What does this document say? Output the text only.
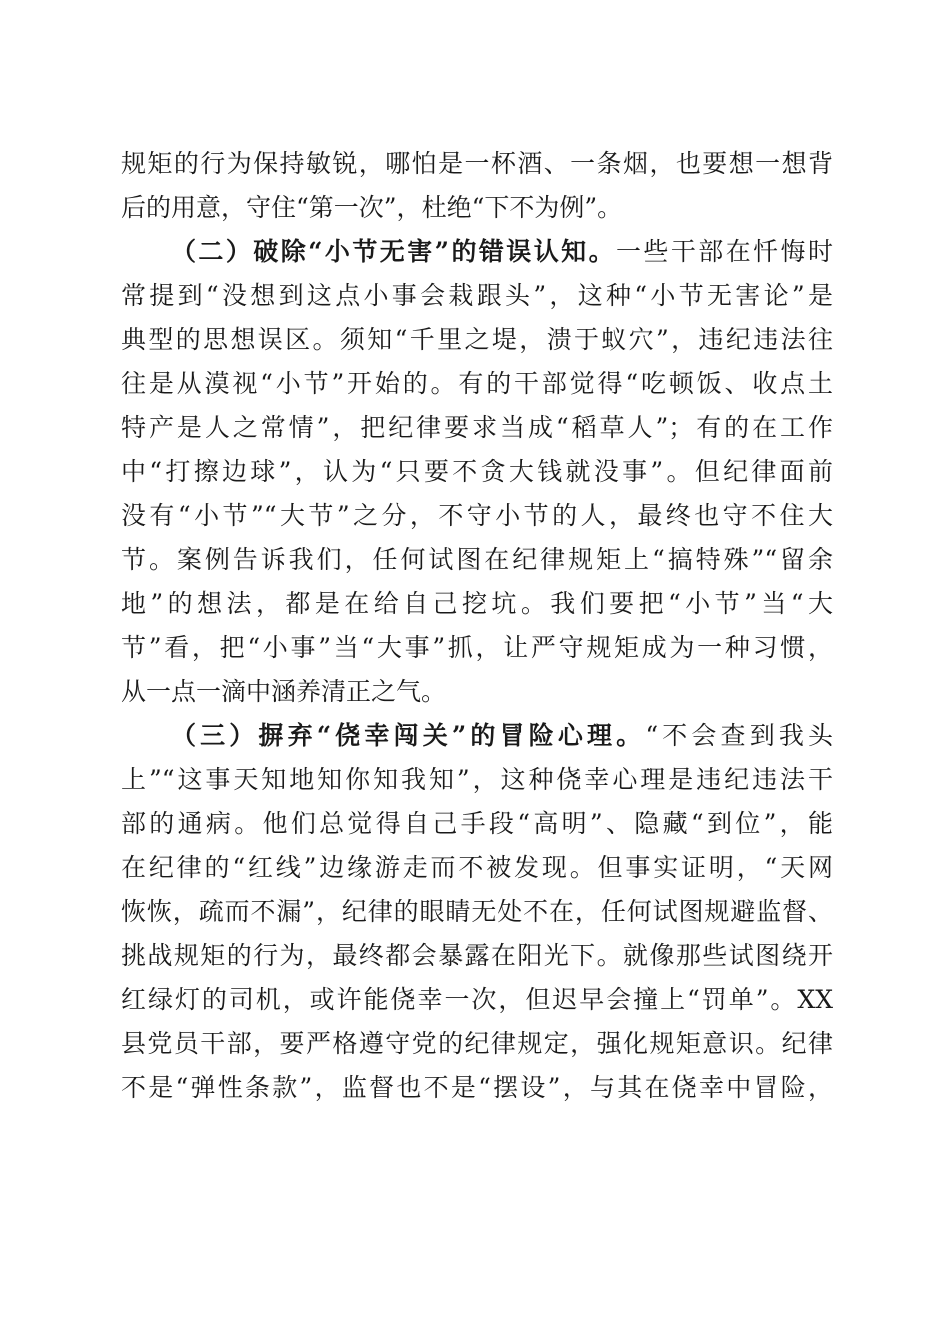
规矩的行为保持敏锐，哪怕是一杯酒、一条烟，也要想一想背
后的用意，守住“第一次”，杜绝“下不为例”。
（二）破除“小节无害”的错误认知。一些干部在忏悔时
常提到“没想到这点小事会栽跟头”，这种“小节无害论”是
典型的思想误区。须知“千里之堤，溃于蚁穴”，违纪违法往
往是从漠视“小节”开始的。有的干部觉得“吃顿饭、收点土
特产是人之常情”，把纪律要求当成“稻草人”；有的在工作
中“打擦边球”，认为“只要不贪大钱就没事”。但纪律面前
没有“小节”“大节”之分，不守小节的人，最终也守不住大
节。案例告诉我们，任何试图在纪律规矩上“搞特殊”“留余
地”的想法，都是在给自己挖坑。我们要把“小节”当“大
节”看，把“小事”当“大事”抓，让严守规矩成为一种习惯，
从一点一滴中涵养清正之气。
（三）摒弃“侥幸闯关”的冒险心理。“不会查到我头
上”“这事天知地知你知我知”，这种侥幸心理是违纪违法干
部的通病。他们总觉得自己手段“高明”、隐藏“到位”，能
在纪律的“红线”边缘游走而不被发现。但事实证明，“天网
恢恢，疏而不漏”，纪律的眼睛无处不在，任何试图规避监督、
挑战规矩的行为，最终都会暴露在阳光下。就像那些试图绕开
红绿灯的司机，或许能侥幸一次，但迟早会撞上“罚单”。XX
县党员干部，要严格遵守党的纪律规定，强化规矩意识。纪律
不是“弹性条款”，监督也不是“摆设”，与其在侥幸中冒险，
